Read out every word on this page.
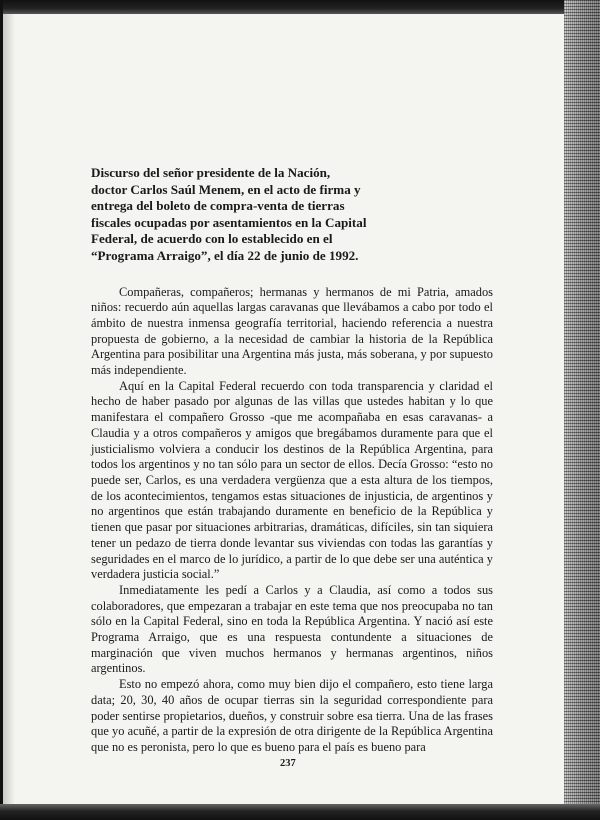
Discurso del señor presidente de la Nación,
doctor Carlos Saúl Menem, en el acto de firma y
entrega del boleto de compra-venta de tierras
fiscales ocupadas por asentamientos en la Capital
Federal, de acuerdo con lo establecido en el
“Programa Arraigo”, el día 22 de junio de 1992.

Compañeras, compañeros; hermanas y hermanos de mi Patria, amados niños: recuerdo aún aquellas largas caravanas que llevábamos a cabo por todo el ámbito de nuestra inmensa geografía territorial, haciendo referencia a nuestra propuesta de gobierno, a la necesidad de cambiar la historia de la República Argentina para posibilitar una Argentina más justa, más soberana, y por supuesto más independiente.

Aquí en la Capital Federal recuerdo con toda transparencia y claridad el hecho de haber pasado por algunas de las villas que ustedes habitan y lo que manifestara el compañero Grosso -que me acompañaba en esas caravanas- a Claudia y a otros compañeros y amigos que bregábamos duramente para que el justicialismo volviera a conducir los destinos de la República Argentina, para todos los argentinos y no tan sólo para un sector de ellos. Decía Grosso: “esto no puede ser, Carlos, es una verdadera vergüenza que a esta altura de los tiempos, de los acontecimientos, tengamos estas situaciones de injusticia, de argentinos y no argentinos que están trabajando duramente en beneficio de la República y tienen que pasar por situaciones arbitrarias, dramáticas, difíciles, sin tan siquiera tener un pedazo de tierra donde levantar sus viviendas con todas las garantías y seguridades en el marco de lo jurídico, a partir de lo que debe ser una auténtica y verdadera justicia social.”

Inmediatamente les pedí a Carlos y a Claudia, así como a todos sus colaboradores, que empezaran a trabajar en este tema que nos preocupaba no tan sólo en la Capital Federal, sino en toda la República Argentina. Y nació así este Programa Arraigo, que es una respuesta contundente a situaciones de marginación que viven muchos hermanos y hermanas argentinos, niños argentinos.

Esto no empezó ahora, como muy bien dijo el compañero, esto tiene larga data; 20, 30, 40 años de ocupar tierras sin la seguridad correspondiente para poder sentirse propietarios, dueños, y construir sobre esa tierra. Una de las frases que yo acuñé, a partir de la expresión de otra dirigente de la República Argentina que no es peronista, pero lo que es bueno para el país es bueno para

237
